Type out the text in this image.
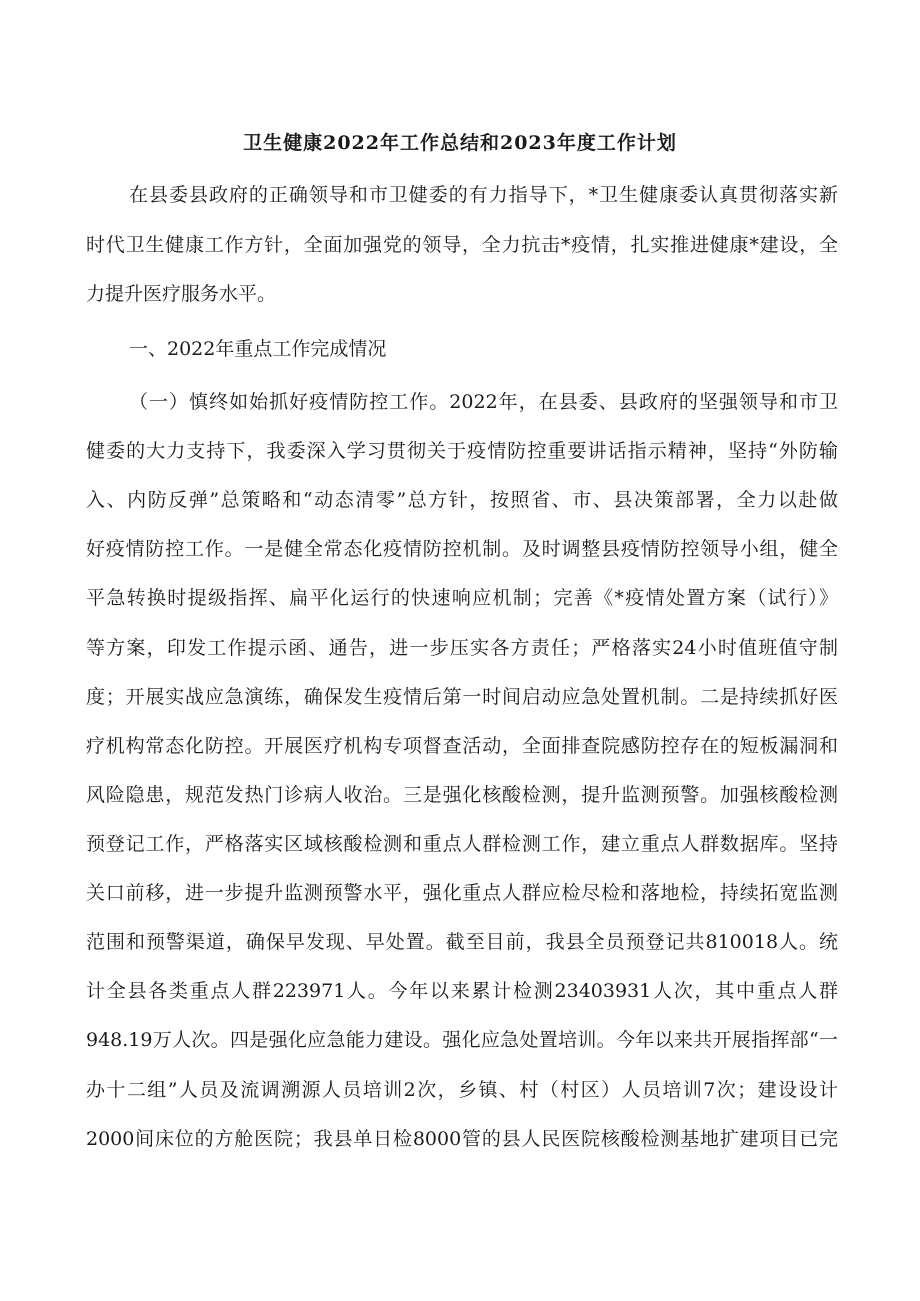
卫生健康2022年工作总结和2023年度工作计划
在县委县政府的正确领导和市卫健委的有力指导下，*卫生健康委认真贯彻落实新
时代卫生健康工作方针，全面加强党的领导，全力抗击*疫情，扎实推进健康*建设，全
力提升医疗服务水平。
一、2022年重点工作完成情况
（一）慎终如始抓好疫情防控工作。2022年，在县委、县政府的坚强领导和市卫
健委的大力支持下，我委深入学习贯彻关于疫情防控重要讲话指示精神，坚持“外防输
入、内防反弹”总策略和“动态清零”总方针，按照省、市、县决策部署，全力以赴做
好疫情防控工作。一是健全常态化疫情防控机制。及时调整县疫情防控领导小组，健全
平急转换时提级指挥、扁平化运行的快速响应机制；完善《*疫情处置方案（试行）》
等方案，印发工作提示函、通告，进一步压实各方责任；严格落实24小时值班值守制
度；开展实战应急演练，确保发生疫情后第一时间启动应急处置机制。二是持续抓好医
疗机构常态化防控。开展医疗机构专项督查活动，全面排查院感防控存在的短板漏洞和
风险隐患，规范发热门诊病人收治。三是强化核酸检测，提升监测预警。加强核酸检测
预登记工作，严格落实区域核酸检测和重点人群检测工作，建立重点人群数据库。坚持
关口前移，进一步提升监测预警水平，强化重点人群应检尽检和落地检，持续拓宽监测
范围和预警渠道，确保早发现、早处置。截至目前，我县全员预登记共810018人。统
计全县各类重点人群223971人。今年以来累计检测23403931人次，其中重点人群
948.19万人次。四是强化应急能力建设。强化应急处置培训。今年以来共开展指挥部“一
办十二组”人员及流调溯源人员培训2次，乡镇、村（村区）人员培训7次；建设设计
2000间床位的方舱医院；我县单日检8000管的县人民医院核酸检测基地扩建项目已完
